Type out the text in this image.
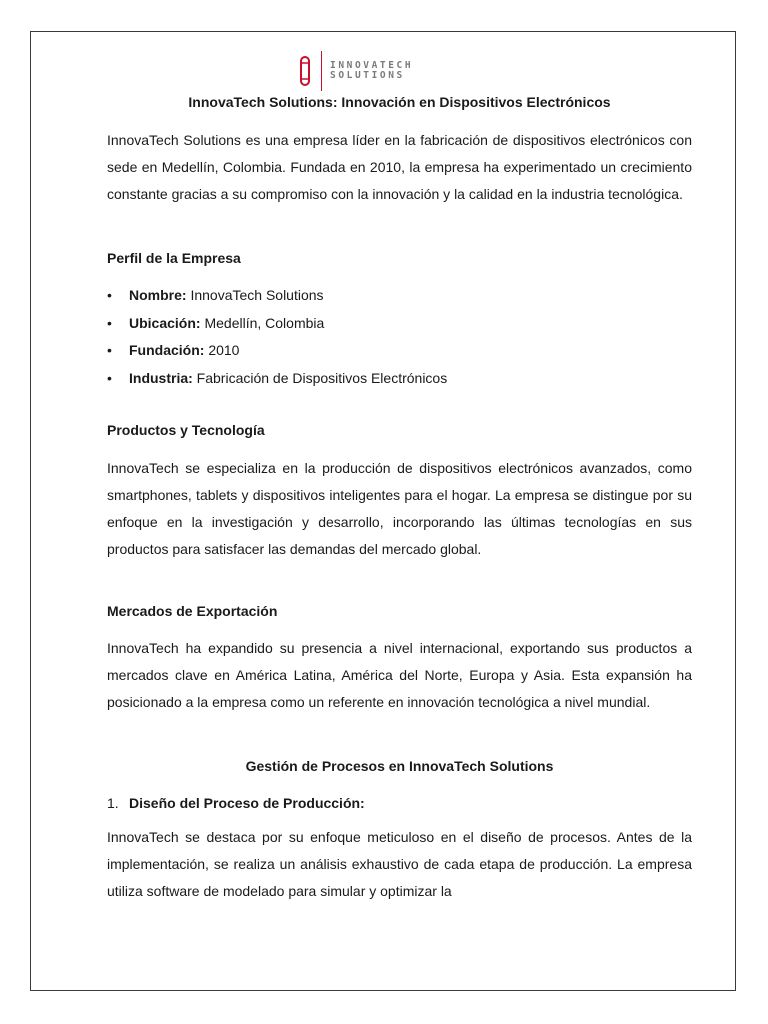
INNOVATECH
SOLUTIONS
InnovaTech Solutions: Innovación en Dispositivos Electrónicos
InnovaTech Solutions es una empresa líder en la fabricación de dispositivos electrónicos con sede en Medellín, Colombia. Fundada en 2010, la empresa ha experimentado un crecimiento constante gracias a su compromiso con la innovación y la calidad en la industria tecnológica.
Perfil de la Empresa
• Nombre: InnovaTech Solutions
• Ubicación: Medellín, Colombia
• Fundación: 2010
• Industria: Fabricación de Dispositivos Electrónicos
Productos y Tecnología
InnovaTech se especializa en la producción de dispositivos electrónicos avanzados, como smartphones, tablets y dispositivos inteligentes para el hogar. La empresa se distingue por su enfoque en la investigación y desarrollo, incorporando las últimas tecnologías en sus productos para satisfacer las demandas del mercado global.
Mercados de Exportación
InnovaTech ha expandido su presencia a nivel internacional, exportando sus productos a mercados clave en América Latina, América del Norte, Europa y Asia. Esta expansión ha posicionado a la empresa como un referente en innovación tecnológica a nivel mundial.
Gestión de Procesos en InnovaTech Solutions
1. Diseño del Proceso de Producción:
InnovaTech se destaca por su enfoque meticuloso en el diseño de procesos. Antes de la implementación, se realiza un análisis exhaustivo de cada etapa de producción. La empresa utiliza software de modelado para simular y optimizar la
